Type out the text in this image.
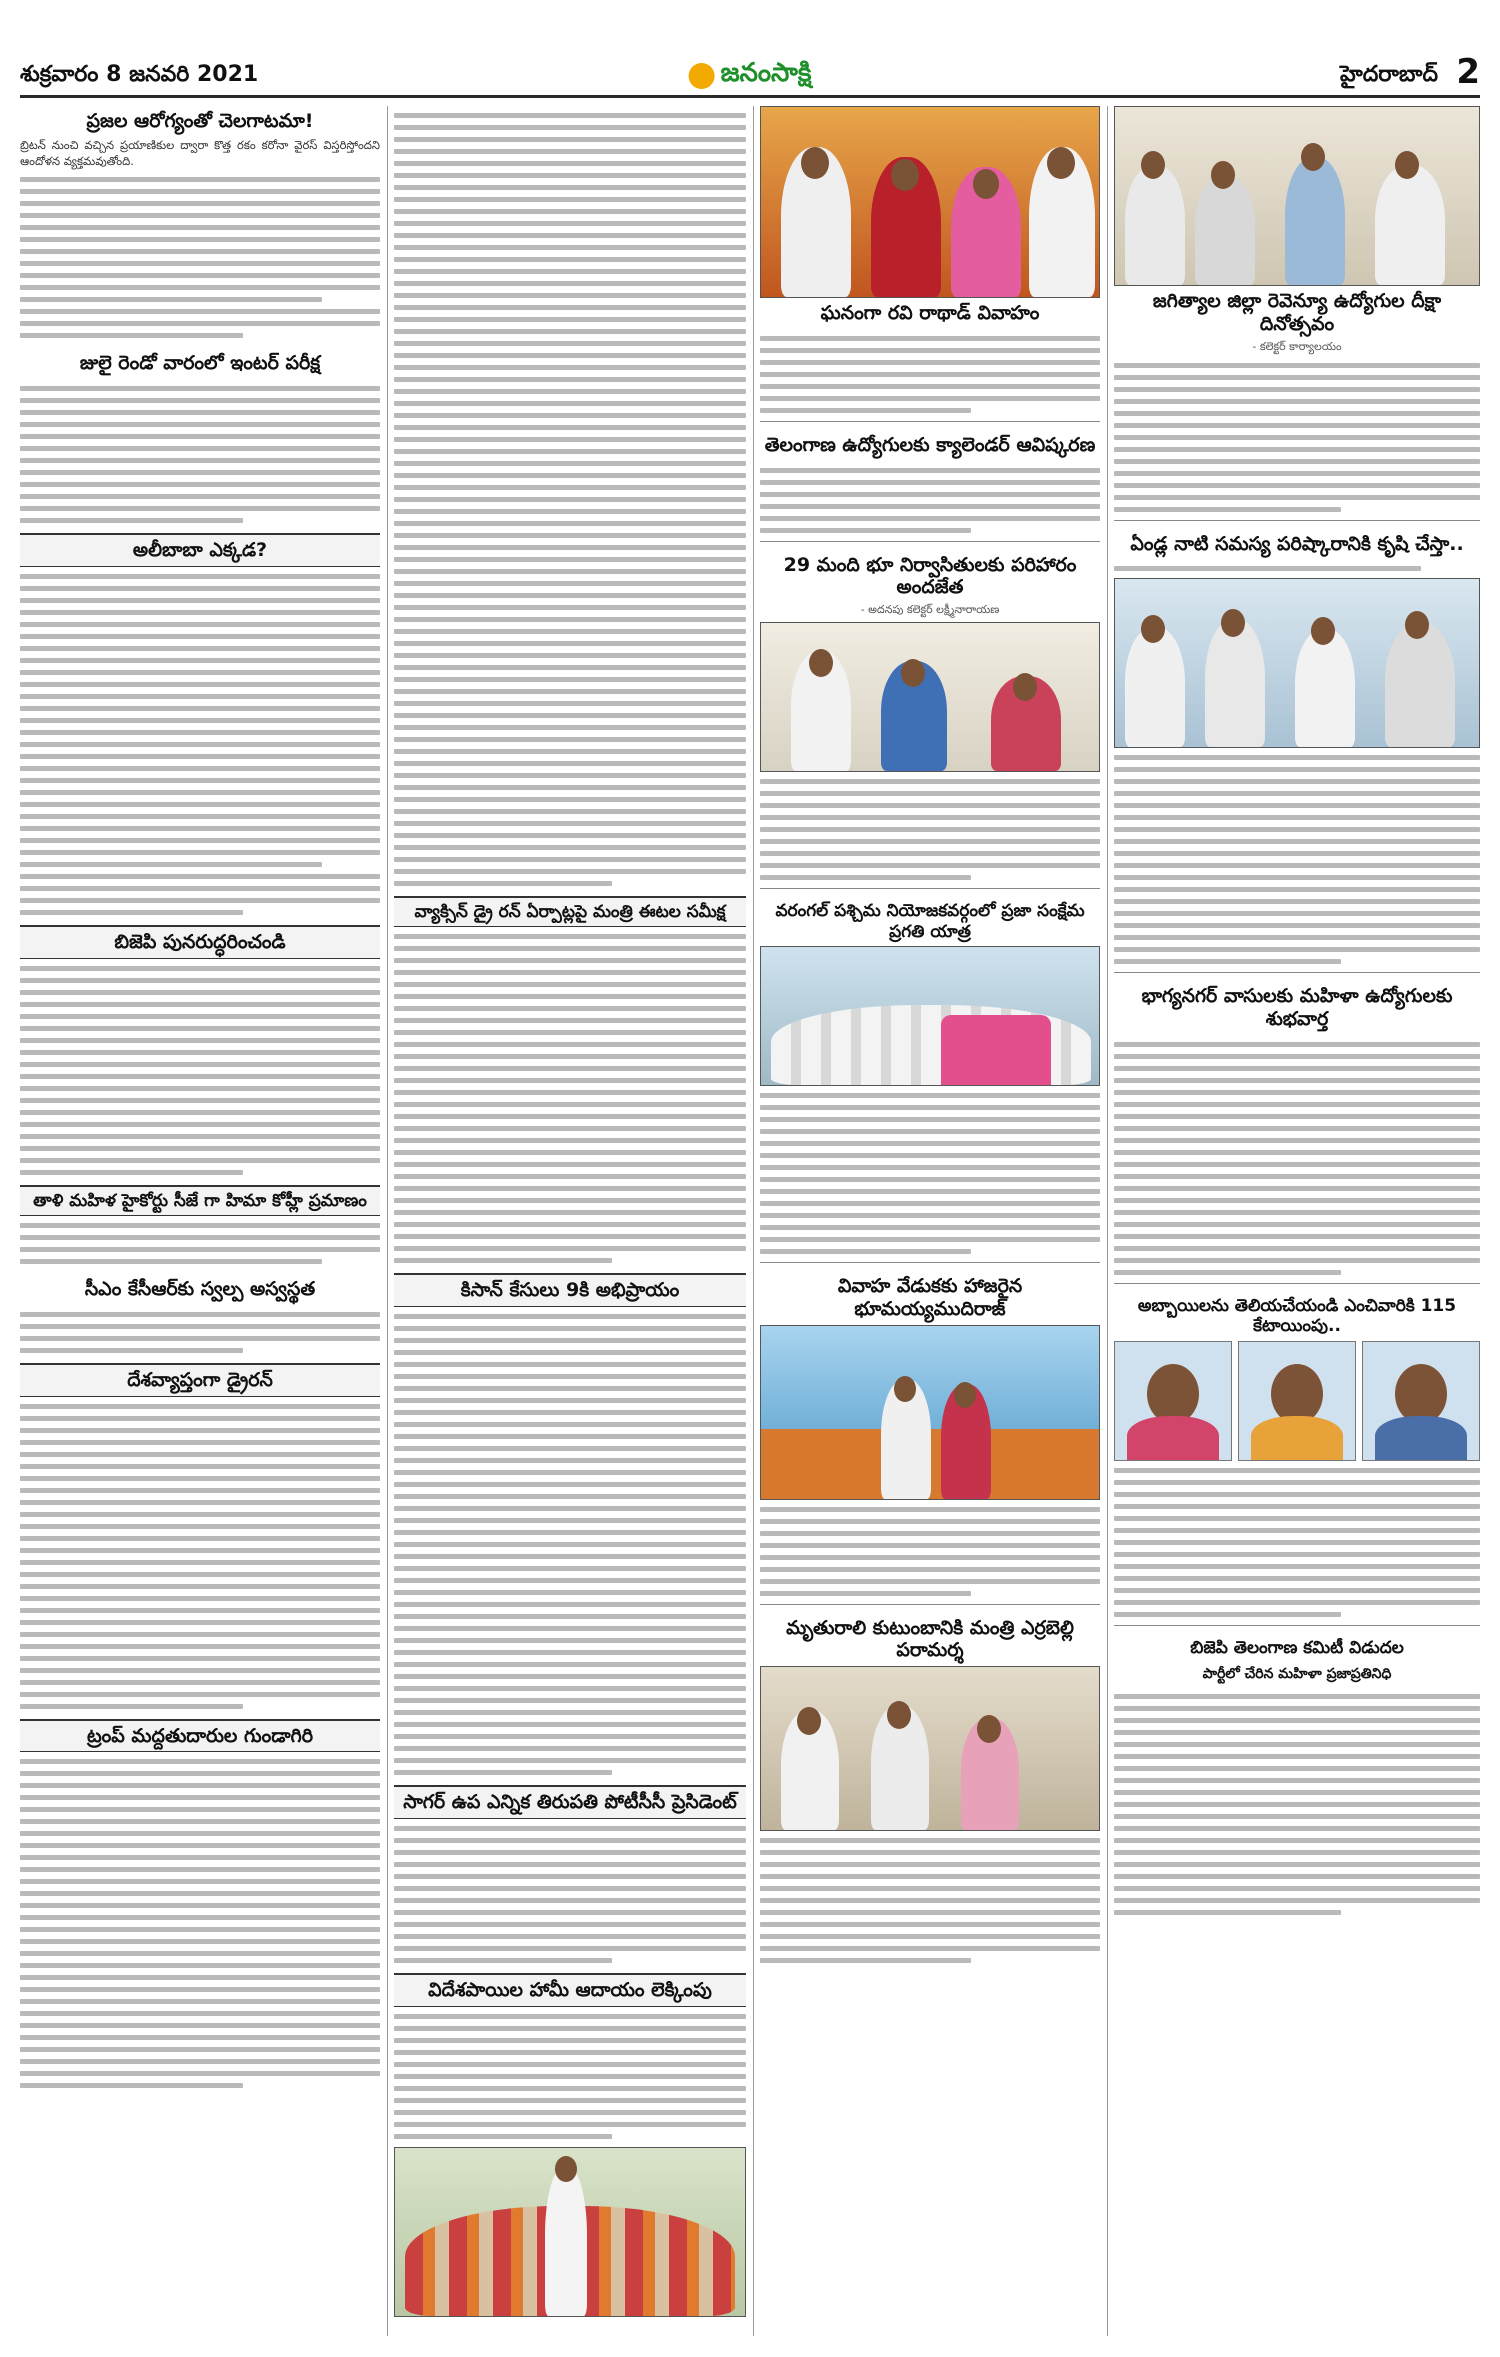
శుక్రవారం 8 జనవరి 2021	జనంసాక్షి	హైదరాబాద్ 2
ప్రజల ఆరోగ్యంతో చెలగాటమా!
బ్రిటన్‌ నుంచి వచ్చిన ప్రయాణికుల ద్వారా కొత్త రకం కరోనా వైరస్‌ విస్తరిస్తోందని ఆందోళన వ్యక్తమవుతోంది.
జులై రెండో వారంలో ఇంటర్ పరీక్ష
అలీబాబా ఎక్కడ?
బిజెపి పునరుద్ధరించండి
తాళి మహిళ హైకోర్టు సీజే గా హిమా కోహ్లీ ప్రమాణం
సీఎం కేసీఆర్‌కు స్వల్ప అస్వస్థత
దేశవ్యాప్తంగా డ్రైరన్
ట్రంప్ మద్దతుదారుల గుండాగిరి
వ్యాక్సిన్ డ్రై రన్ ఏర్పాట్లపై మంత్రి ఈటల సమీక్ష
కిసాన్ కేసులు 9కి అభిప్రాయం
సాగర్ ఉప ఎన్నిక తిరుపతి పోటీసీసీ ప్రెసిడెంట్
విదేశపాయిల హామీ ఆదాయం లెక్కింపు
ఘనంగా రవి రాథాడ్ వివాహం
తెలంగాణ ఉద్యోగులకు క్యాలెండర్ ఆవిష్కరణ
29 మంది భూ నిర్వాసితులకు పరిహారం అందజేత
- అదనపు కలెక్టర్ లక్ష్మీనారాయణ
వరంగల్ పశ్చిమ నియోజకవర్గంలో ప్రజా సంక్షేమ ప్రగతి యాత్ర
వివాహ వేడుకకు హాజరైన భూమయ్యముదిరాజ్
మృతురాలి కుటుంబానికి మంత్రి ఎర్రబెల్లి పరామర్శ
జగిత్యాల జిల్లా రెవెన్యూ ఉద్యోగుల దీక్షా దినోత్సవం
- కలెక్టర్ కార్యాలయం
ఏండ్ల నాటి సమస్య పరిష్కారానికి కృషి చేస్తా..
భాగ్యనగర్ వాసులకు మహిళా ఉద్యోగులకు శుభవార్త
అబ్బాయిలను తెలియచేయండి ఎంచివారికి 115 కేటాయింపు..
బిజెపి తెలంగాణ కమిటీ విడుదల
పార్టీలో చేరిన మహిళా ప్రజాప్రతినిధి
